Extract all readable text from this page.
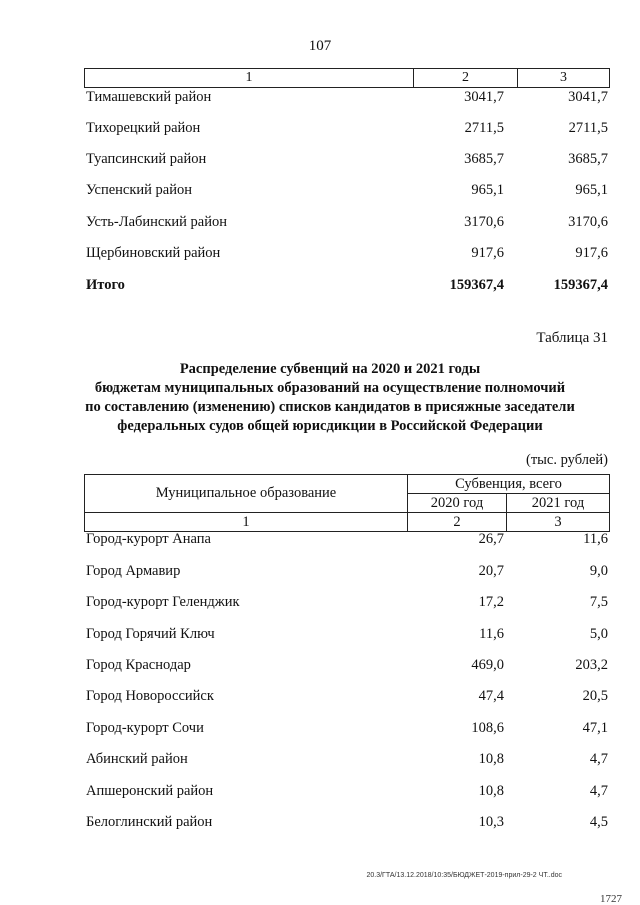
107
1	2	3
Тимашевский район	3041,7	3041,7
Тихорецкий район	2711,5	2711,5
Туапсинский район	3685,7	3685,7
Успенский район	965,1	965,1
Усть-Лабинский район	3170,6	3170,6
Щербиновский район	917,6	917,6
Итого	159367,4	159367,4
Таблица 31
Распределение субвенций на 2020 и 2021 годы
бюджетам муниципальных образований на осуществление полномочий
по составлению (изменению) списков кандидатов в присяжные заседатели
федеральных судов общей юрисдикции в Российской Федерации
(тыс. рублей)
Муниципальное образование
Субвенция, всего
2020 год	2021 год
1	2	3
Город-курорт Анапа	26,7	11,6
Город Армавир	20,7	9,0
Город-курорт Геленджик	17,2	7,5
Город Горячий Ключ	11,6	5,0
Город Краснодар	469,0	203,2
Город Новороссийск	47,4	20,5
Город-курорт Сочи	108,6	47,1
Абинский район	10,8	4,7
Апшеронский район	10,8	4,7
Белоглинский район	10,3	4,5
20.3/ГТА/13.12.2018/10:35/БЮДЖЕТ-2019-прил-29-2 ЧТ..doc
1727
